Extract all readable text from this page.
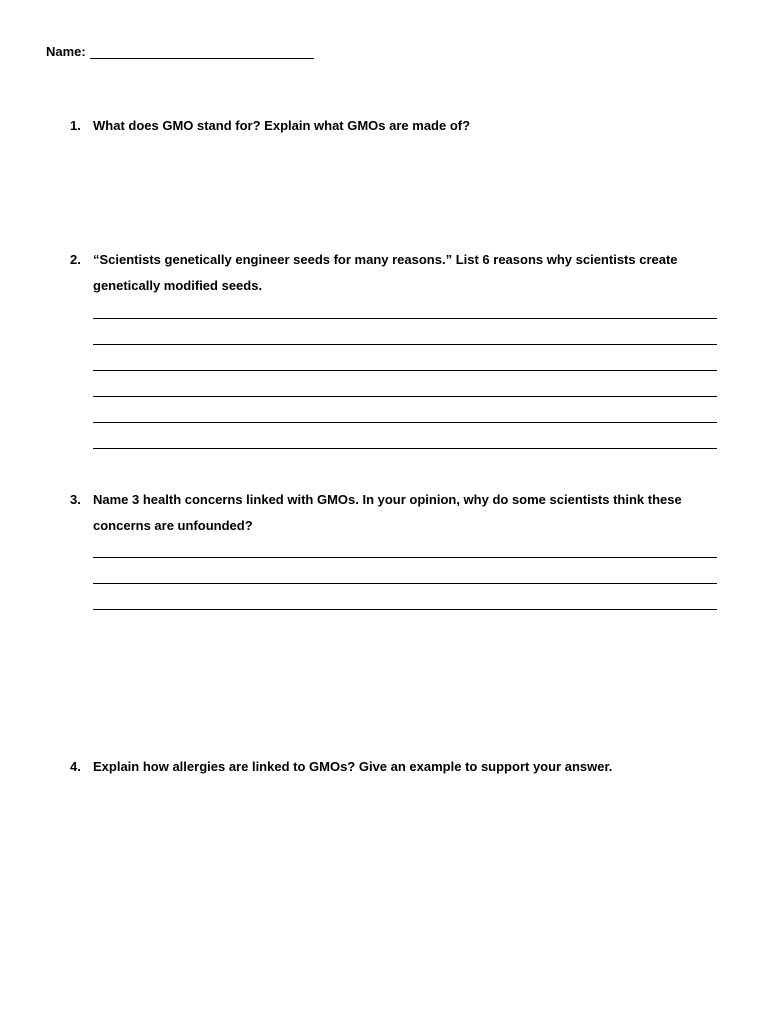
Name:
1. What does GMO stand for? Explain what GMOs are made of?
2. “Scientists genetically engineer seeds for many reasons.” List 6 reasons why scientists create genetically modified seeds.
3. Name 3 health concerns linked with GMOs. In your opinion, why do some scientists think these concerns are unfounded?
4. Explain how allergies are linked to GMOs? Give an example to support your answer.
